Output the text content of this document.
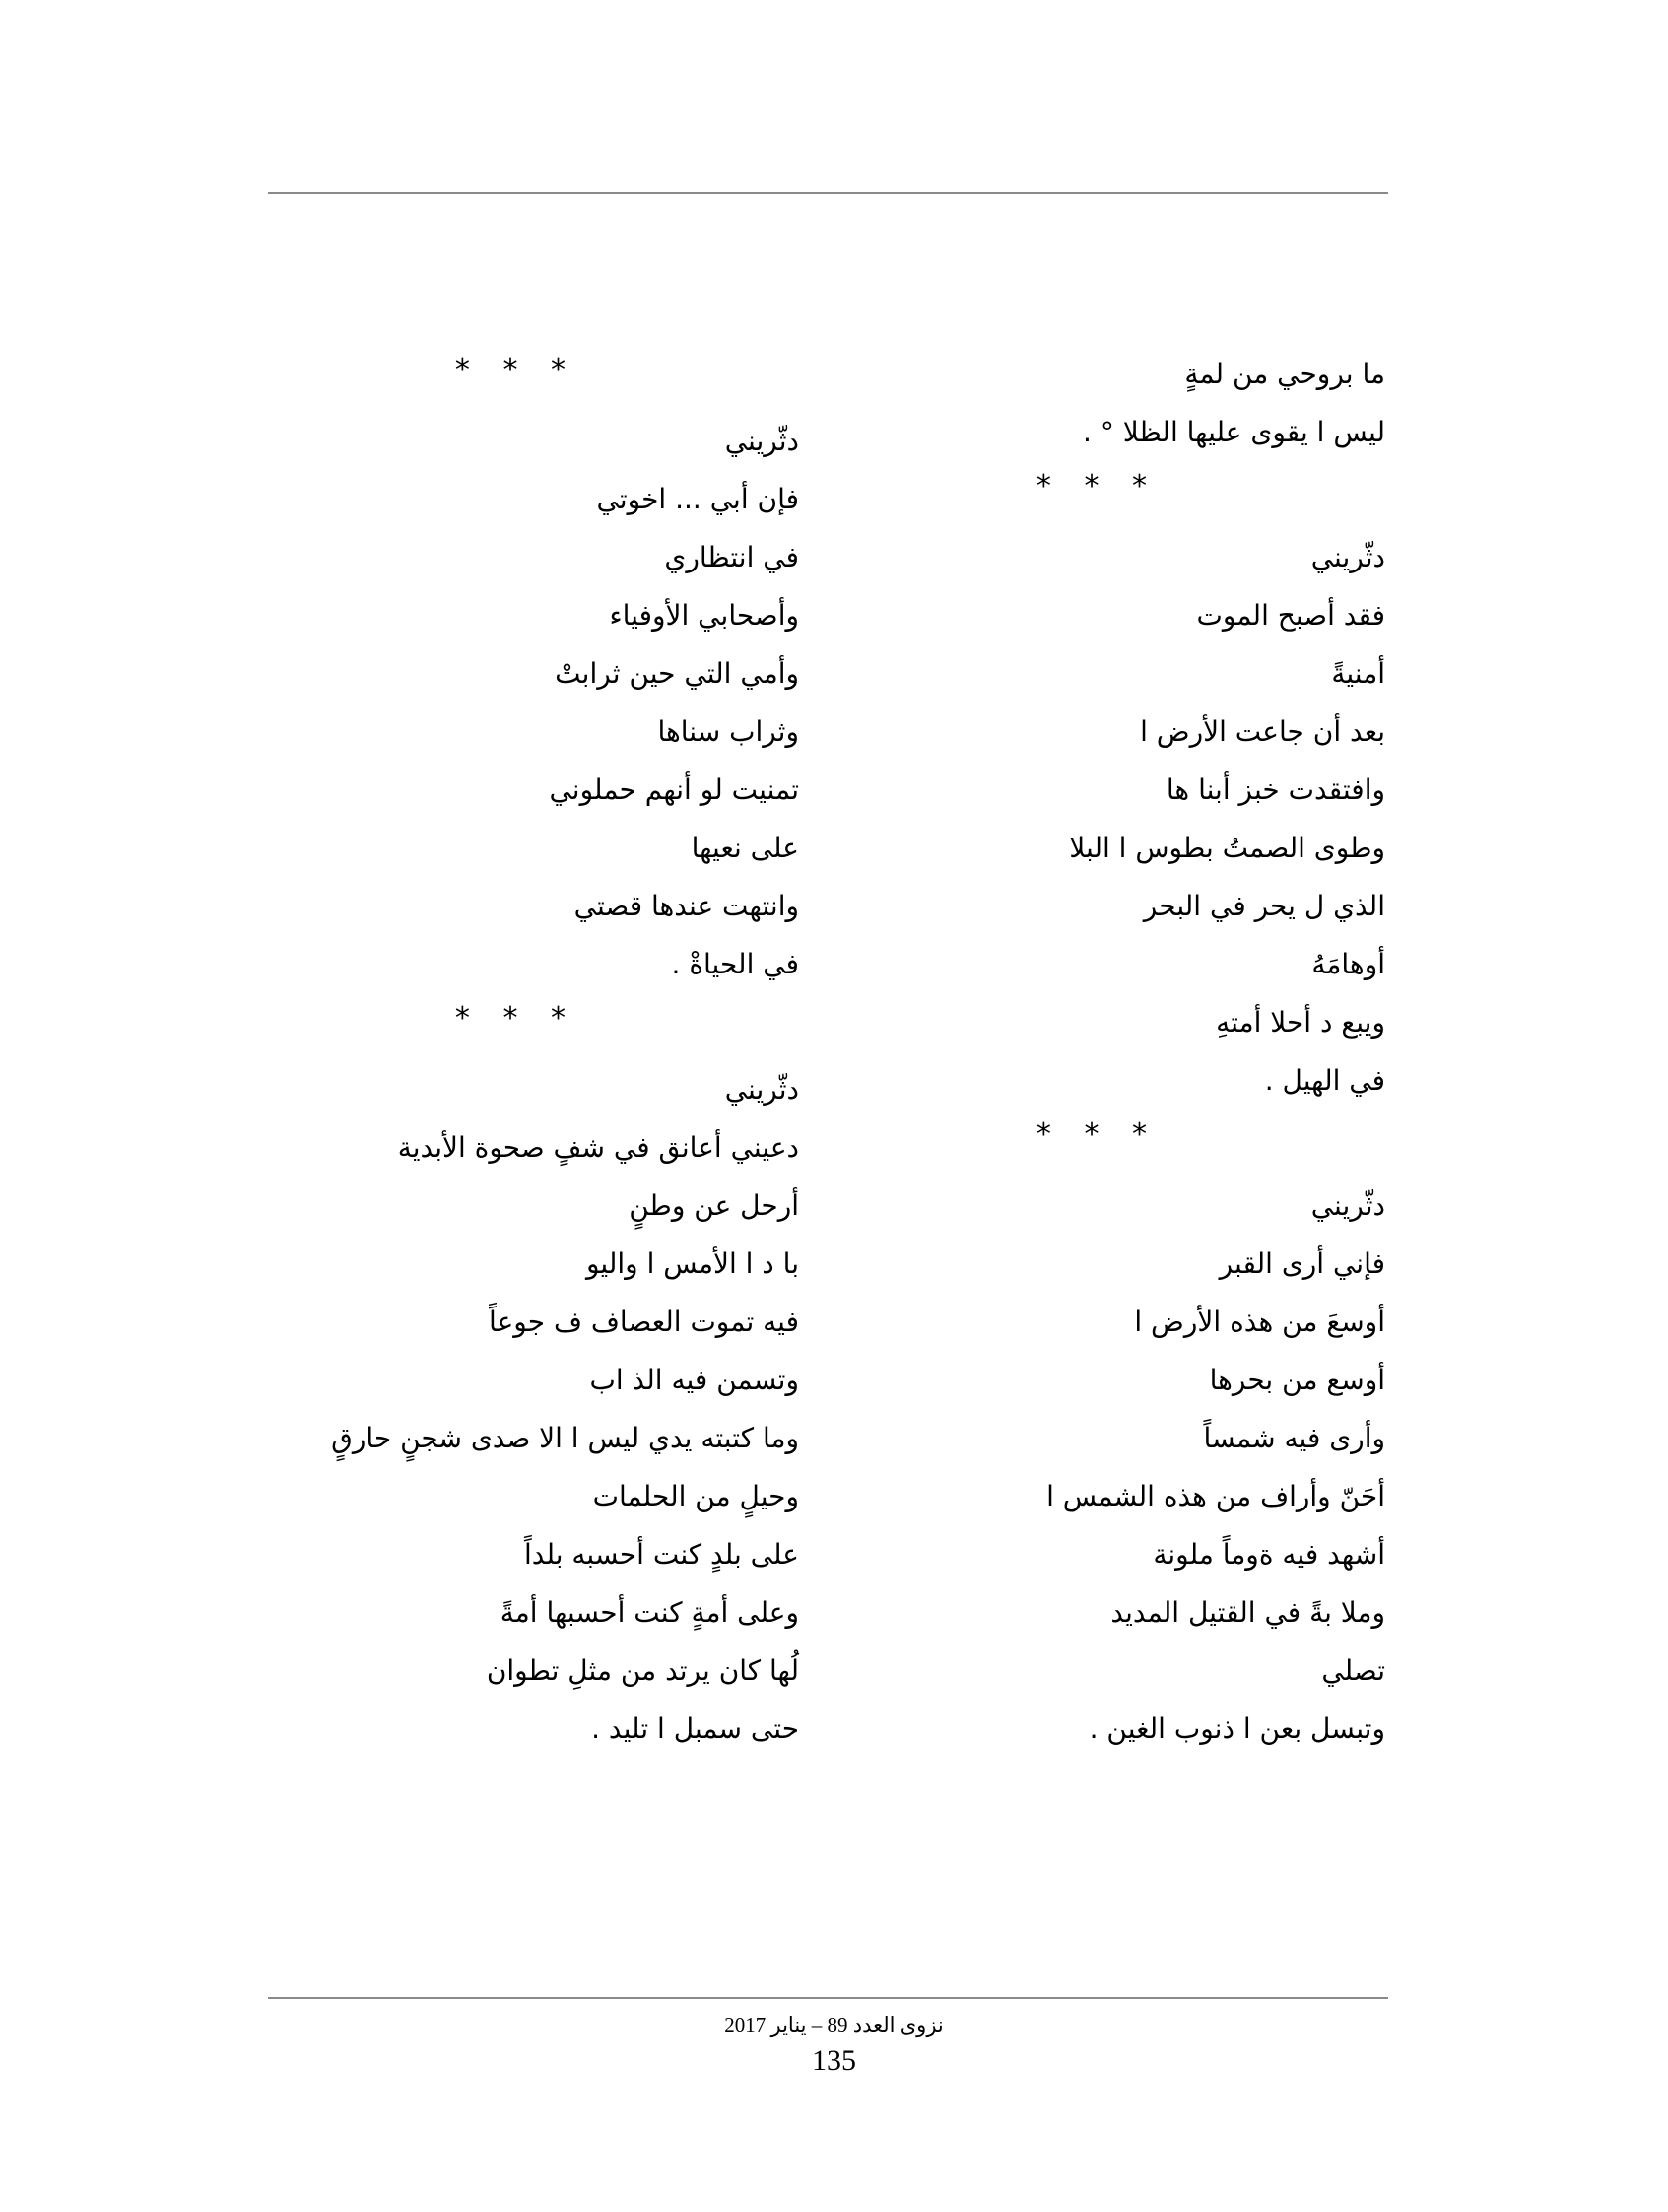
ما بروحي من لمةٍ
ليس ا يقوى عليها الظلا ° .
* * *
دثّريني
فقد أصبح الموت
أمنيةً
بعد أن جاعت الأرض ا
وافتقدت خبز أبنا ها
وطوى الصمتُ بطوس ا البلا
الذي ل يحر في البحر
أوهامَهُ
ويبع د أحلا أمتهِ
في الهيل .
* * *
دثّريني
فإني أرى القبر
أوسعَ من هذه الأرض ا
أوسع من بحرها
وأرى فيه شمساً
أحَنّ وأراف من هذه الشمس ا
أشهد فيه ةوماً ملونة
وملا بةً في القتيل المديد
تصلي
وتبسل بعن ا ذنوب الغين .
* * *
دثّريني
فإن أبي ... اخوتي
في انتظاري
وأصحابي الأوفياء
وأمي التي حين ثرابتْ
وثراب سناها
تمنيت لو أنهم حملوني
على نعيها
وانتهت عندها قصتي
في الحياةْ .
* * *
دثّريني
دعيني أعانق في شفٍ صحوة الأبدية
أرحل عن وطنٍ
با د ا الأمس ا واليو
فيه تموت العصاف ف جوعاً
وتسمن فيه الذ اب
وما كتبته يدي ليس ا الا صدى شجنٍ حارقٍ
وحيلٍ من الحلمات
على بلدٍ كنت أحسبه بلداً
وعلى أمةٍ كنت أحسبها أمةً
لُها كان يرتد من مثلِ تطوان
حتى سمبل ا تليد .
نزوى العدد 89 – يناير 2017
135
